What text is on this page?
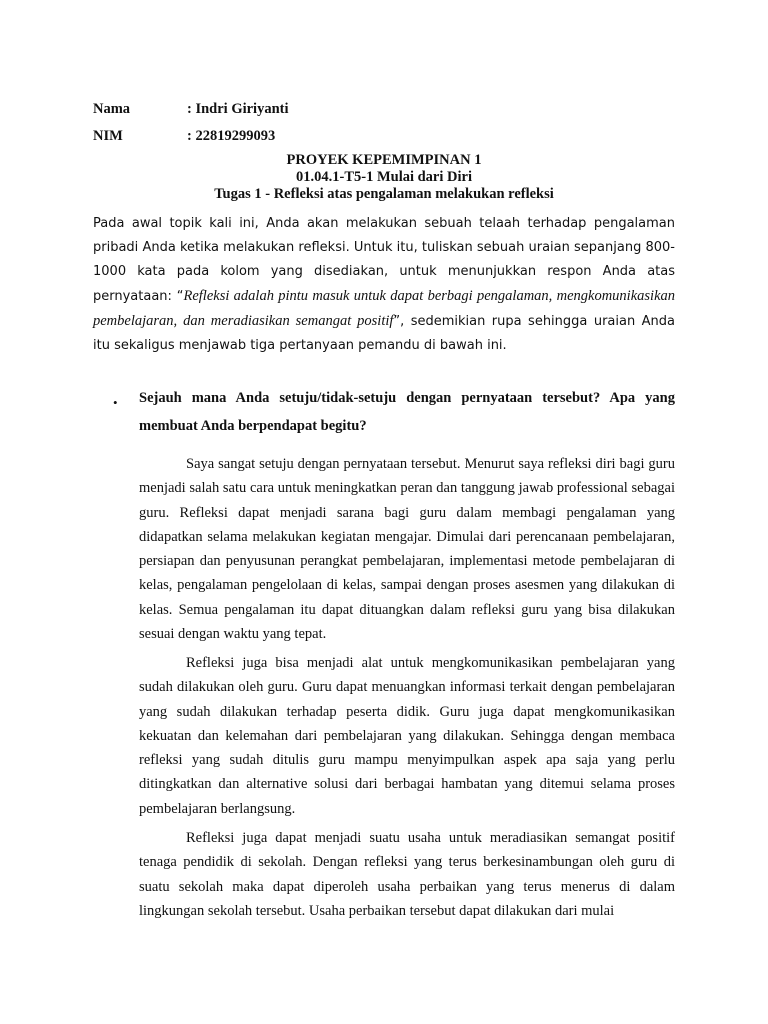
Nama	: Indri Giriyanti
NIM	: 22819299093
PROYEK KEPEMIMPINAN 1
01.04.1-T5-1 Mulai dari Diri
Tugas 1 - Refleksi atas pengalaman melakukan refleksi

Pada awal topik kali ini, Anda akan melakukan sebuah telaah terhadap pengalaman pribadi Anda ketika melakukan refleksi. Untuk itu, tuliskan sebuah uraian sepanjang 800-1000 kata pada kolom yang disediakan, untuk menunjukkan respon Anda atas pernyataan: “Refleksi adalah pintu masuk untuk dapat berbagi pengalaman, mengkomunikasikan pembelajaran, dan meradiasikan semangat positif”, sedemikian rupa sehingga uraian Anda itu sekaligus menjawab tiga pertanyaan pemandu di bawah ini.

• Sejauh mana Anda setuju/tidak-setuju dengan pernyataan tersebut? Apa yang membuat Anda berpendapat begitu?

Saya sangat setuju dengan pernyataan tersebut. Menurut saya refleksi diri bagi guru menjadi salah satu cara untuk meningkatkan peran dan tanggung jawab professional sebagai guru. Refleksi dapat menjadi sarana bagi guru dalam membagi pengalaman yang didapatkan selama melakukan kegiatan mengajar. Dimulai dari perencanaan pembelajaran, persiapan dan penyusunan perangkat pembelajaran, implementasi metode pembelajaran di kelas, pengalaman pengelolaan di kelas, sampai dengan proses asesmen yang dilakukan di kelas. Semua pengalaman itu dapat dituangkan dalam refleksi guru yang bisa dilakukan sesuai dengan waktu yang tepat.

Refleksi juga bisa menjadi alat untuk mengkomunikasikan pembelajaran yang sudah dilakukan oleh guru. Guru dapat menuangkan informasi terkait dengan pembelajaran yang sudah dilakukan terhadap peserta didik. Guru juga dapat mengkomunikasikan kekuatan dan kelemahan dari pembelajaran yang dilakukan. Sehingga dengan membaca refleksi yang sudah ditulis guru mampu menyimpulkan aspek apa saja yang perlu ditingkatkan dan alternative solusi dari berbagai hambatan yang ditemui selama proses pembelajaran berlangsung.

Refleksi juga dapat menjadi suatu usaha untuk meradiasikan semangat positif tenaga pendidik di sekolah. Dengan refleksi yang terus berkesinambungan oleh guru di suatu sekolah maka dapat diperoleh usaha perbaikan yang terus menerus di dalam lingkungan sekolah tersebut. Usaha perbaikan tersebut dapat dilakukan dari mulai
